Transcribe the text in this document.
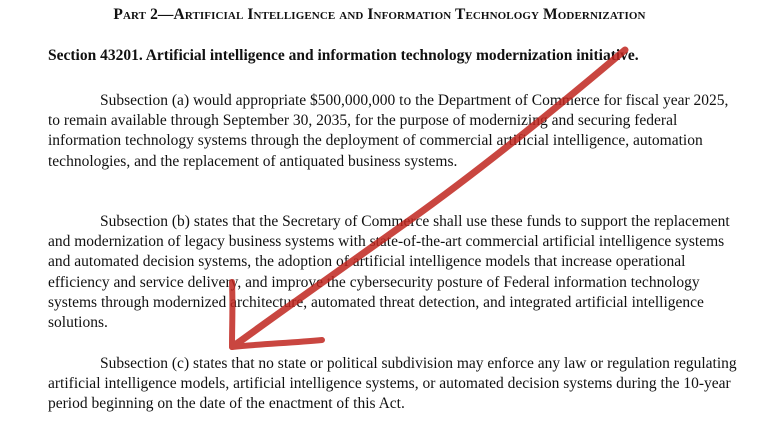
Part 2—Artificial Intelligence and Information Technology Modernization
Section 43201. Artificial intelligence and information technology modernization initiative.

Subsection (a) would appropriate $500,000,000 to the Department of Commerce for fiscal year 2025, to remain available through September 30, 2035, for the purpose of modernizing and securing federal information technology systems through the deployment of commercial artificial intelligence, automation technologies, and the replacement of antiquated business systems.

Subsection (b) states that the Secretary of Commerce shall use these funds to support the replacement and modernization of legacy business systems with state-of-the-art commercial artificial intelligence systems and automated decision systems, the adoption of artificial intelligence models that increase operational efficiency and service delivery, and improve the cybersecurity posture of Federal information technology systems through modernized architecture, automated threat detection, and integrated artificial intelligence solutions.

Subsection (c) states that no state or political subdivision may enforce any law or regulation regulating artificial intelligence models, artificial intelligence systems, or automated decision systems during the 10-year period beginning on the date of the enactment of this Act.
